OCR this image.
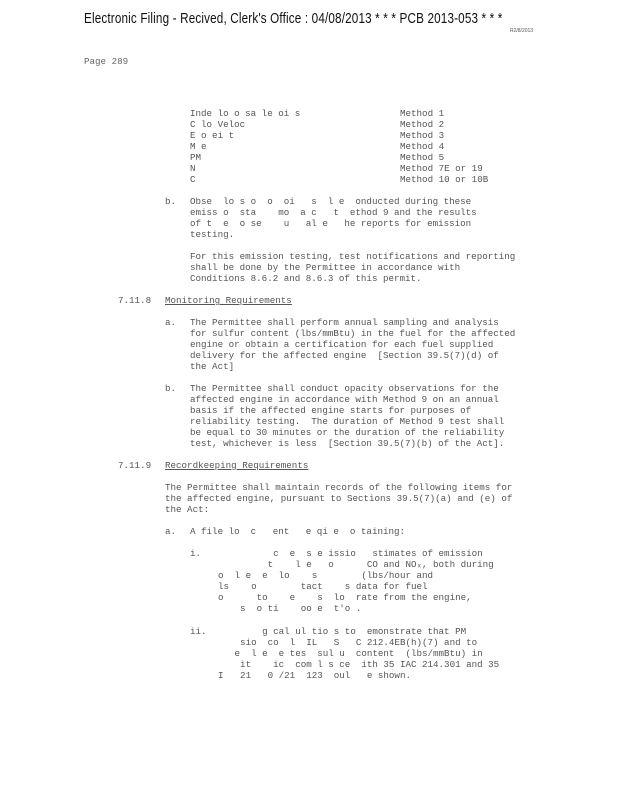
Electronic Filing - Recived, Clerk's Office : 04/08/2013 * * * PCB 2013-053 * * *
R2/8/2013
Page 289
Inde lo o sa le oi s	Method 1
C lo Veloc	Method 2
E o ei t	Method 3
M e	Method 4
PM	Method 5
N	Method 7E or 19
C	Method 10 or 10B
b. Obse  lo s o  o  oi   s  l e  onducted during these
emiss o  sta    mo  a c   t  ethod 9 and the results
of t  e  o se    u   al e   he reports for emission
testing.
For this emission testing, test notifications and reporting
shall be done by the Permittee in accordance with
Conditions 8.6.2 and 8.6.3 of this permit.
7.11.8 Monitoring Requirements
a. The Permittee shall perform annual sampling and analysis
for sulfur content (lbs/mmBtu) in the fuel for the affected
engine or obtain a certification for each fuel supplied
delivery for the affected engine  [Section 39.5(7)(d) of
the Act]
b. The Permittee shall conduct opacity observations for the
affected engine in accordance with Method 9 on an annual
basis if the affected engine starts for purposes of
reliability testing.  The duration of Method 9 test shall
be equal to 30 minutes or the duration of the reliability
test, whichever is less  [Section 39.5(7)(b) of the Act].
7.11.9 Recordkeeping Requirements
The Permittee shall maintain records of the following items for
the affected engine, pursuant to Sections 39.5(7)(a) and (e) of
the Act:
a. A file lo  c   ent   e qi e  o taining:
i. c  e  s e issio   stimates of emission
t    l e   o      CO and NOₓ, both during
o  l e  e  lo    s        (lbs/hour and
ls    o        tact    s data for fuel
o      to    e    s  lo  rate from the engine,
s  o ti    oo e  t'o .
ii. g cal ul tio s to  emonstrate that PM
sio  co  l  IL   S   C 212.4EB(h)(7) and to
e  l e  e tes  sul u  content  (lbs/mmBtu) in
it    ic  com l s ce  ith 35 IAC 214.301 and 35
I   21   0 /21  123  oul   e shown.
